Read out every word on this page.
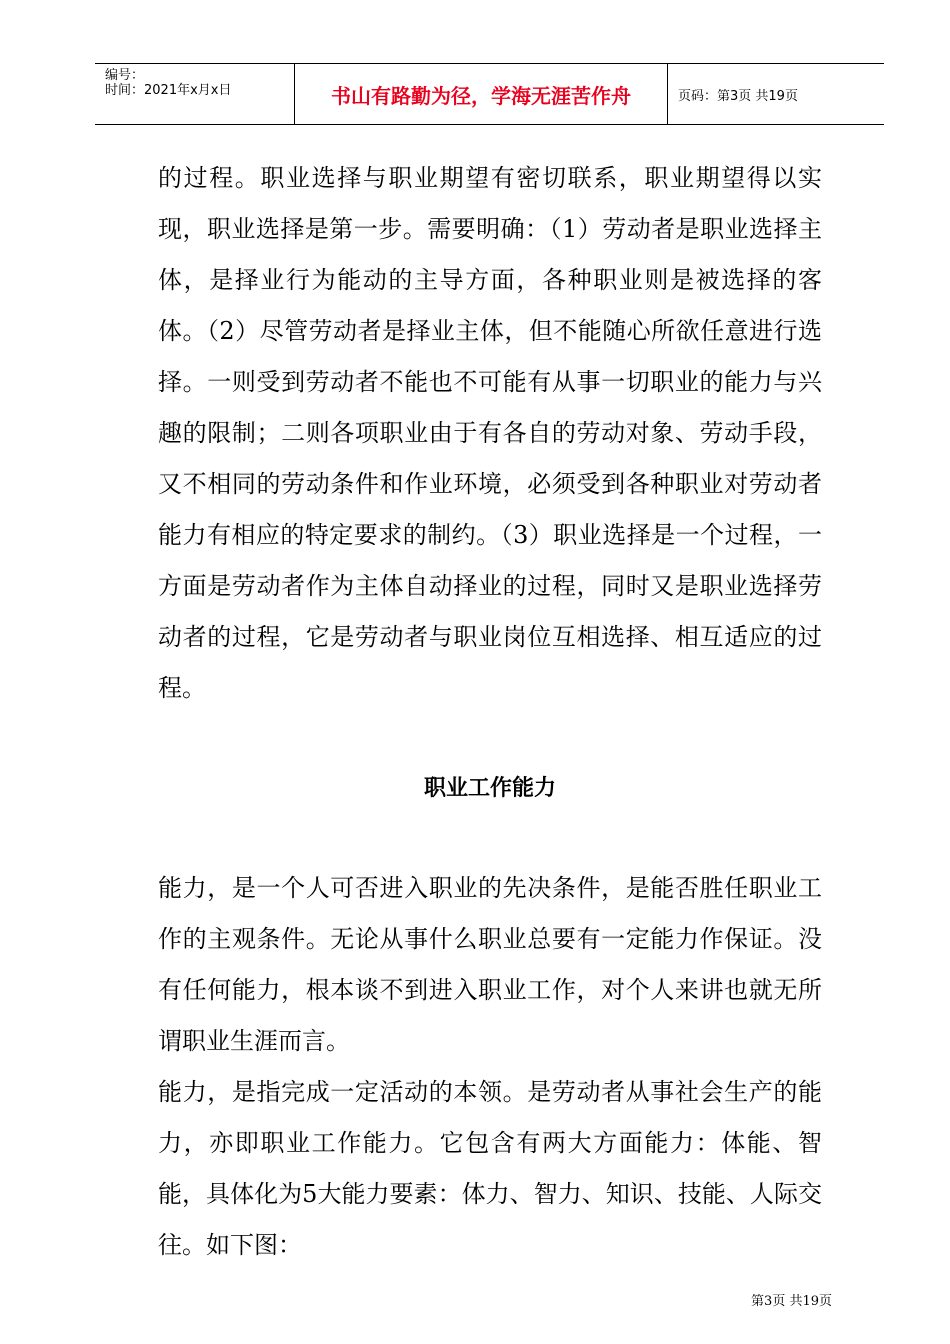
编号：
时间：2021年x月x日	书山有路勤为径，学海无涯苦作舟	页码：第3页 共19页

的过程。职业选择与职业期望有密切联系，职业期望得以实现，职业选择是第一步。需要明确：（1）劳动者是职业选择主体，是择业行为能动的主导方面，各种职业则是被选择的客体。（2）尽管劳动者是择业主体，但不能随心所欲任意进行选择。一则受到劳动者不能也不可能有从事一切职业的能力与兴趣的限制；二则各项职业由于有各自的劳动对象、劳动手段，又不相同的劳动条件和作业环境，必须受到各种职业对劳动者能力有相应的特定要求的制约。（3）职业选择是一个过程，一方面是劳动者作为主体自动择业的过程，同时又是职业选择劳动者的过程，它是劳动者与职业岗位互相选择、相互适应的过程。

职业工作能力

能力，是一个人可否进入职业的先决条件，是能否胜任职业工作的主观条件。无论从事什么职业总要有一定能力作保证。没有任何能力，根本谈不到进入职业工作，对个人来讲也就无所谓职业生涯而言。

能力，是指完成一定活动的本领。是劳动者从事社会生产的能力，亦即职业工作能力。它包含有两大方面能力：体能、智能，具体化为5大能力要素：体力、智力、知识、技能、人际交往。如下图：

第3页 共19页
